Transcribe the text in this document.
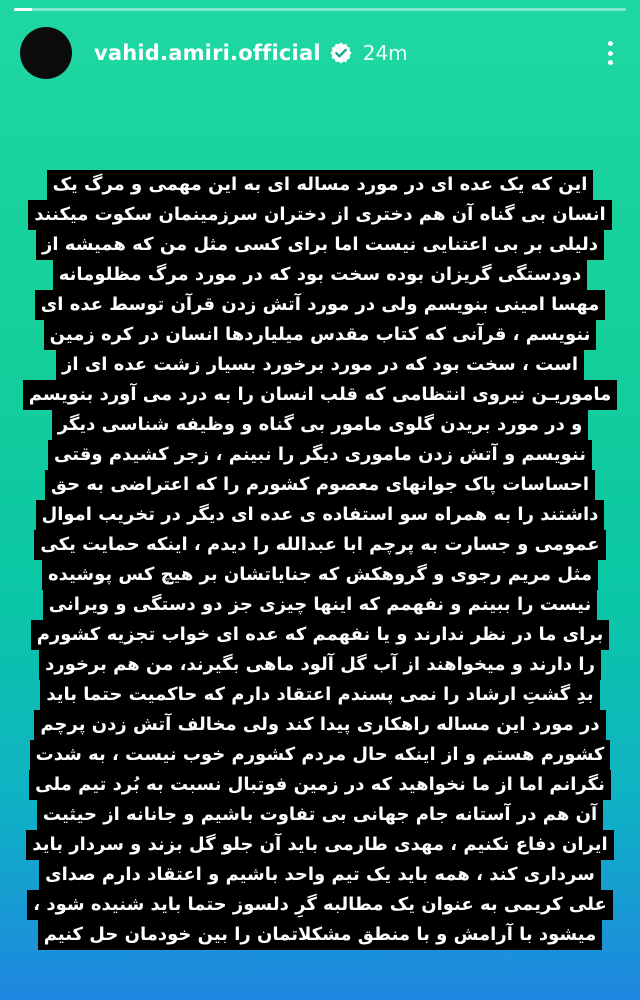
vahid.amiri.official 24m
این که یک عده ای در مورد مساله ای به این مهمی و مرگ یک
انسان بی گناه آن هم دختری از دختران سرزمینمان سکوت میکنند
دلیلی بر بی اعتنایی نیست اما برای کسی مثل من که همیشه از
دودستگی گریزان بوده سخت بود که در مورد مرگ مظلومانه
مهسا امینی بنویسم ولی در مورد آتش زدن قرآن توسط عده ای
ننویسم ، قرآنی که کتاب مقدس میلیاردها انسان در کره زمین
است ، سخت بود که در مورد برخورد بسیار زشت عده ای از
ماموریـن نیروی انتظامی که قلب انسان را به درد می آورد بنویسم
و در مورد بریدن گلوی مامور بی گناه و وظیفه شناسی دیگر
ننویسم و آتش زدن ماموری دیگر را نبینم ، زجر کشیدم وقتی
احساسات پاک جوانهای معصوم کشورم را که اعتراضی به حق
داشتند را به همراه سو استفاده ی عده ای دیگر در تخریب اموال
عمومی و جسارت به پرچم ابا عبدالله را دیدم ، اینکه حمایت یکی
مثل مریم رجوی و گروهکش که جنایاتشان بر هیچ کس پوشیده
نیست را ببینم و نفهمم که اینها چیزی جز دو دستگی و ویرانی
برای ما در نظر ندارند و یا نفهمم که عده ای خواب تجزیه کشورم
را دارند و میخواهند از آب گل آلود ماهی بگیرند، من هم برخورد
بدِ گشتِ ارشاد را نمی پسندم اعتقاد دارم که حاکمیت حتما باید
در مورد این مساله راهکاری پیدا کند ولی مخالف آتش زدن پرچم
کشورم هستم و از اینکه حال مردم کشورم خوب نیست ، به شدت
نگرانم اما از ما نخواهید که در زمین فوتبال نسبت به بُرد تیم ملی
آن هم در آستانه جام جهانی بی تفاوت باشیم و جانانه از حیثیت
ایران دفاع نکنیم ، مهدی طارمی باید آن جلو گل بزند و سردار باید
سرداری کند ، همه باید یک تیم واحد باشیم و اعتقاد دارم صدای
علی کریمی به عنوان یک مطالبه گرِ دلسوز حتما باید شنیده شود ،
میشود با آرامش و با منطق مشکلاتمان را بین خودمان حل کنیم
